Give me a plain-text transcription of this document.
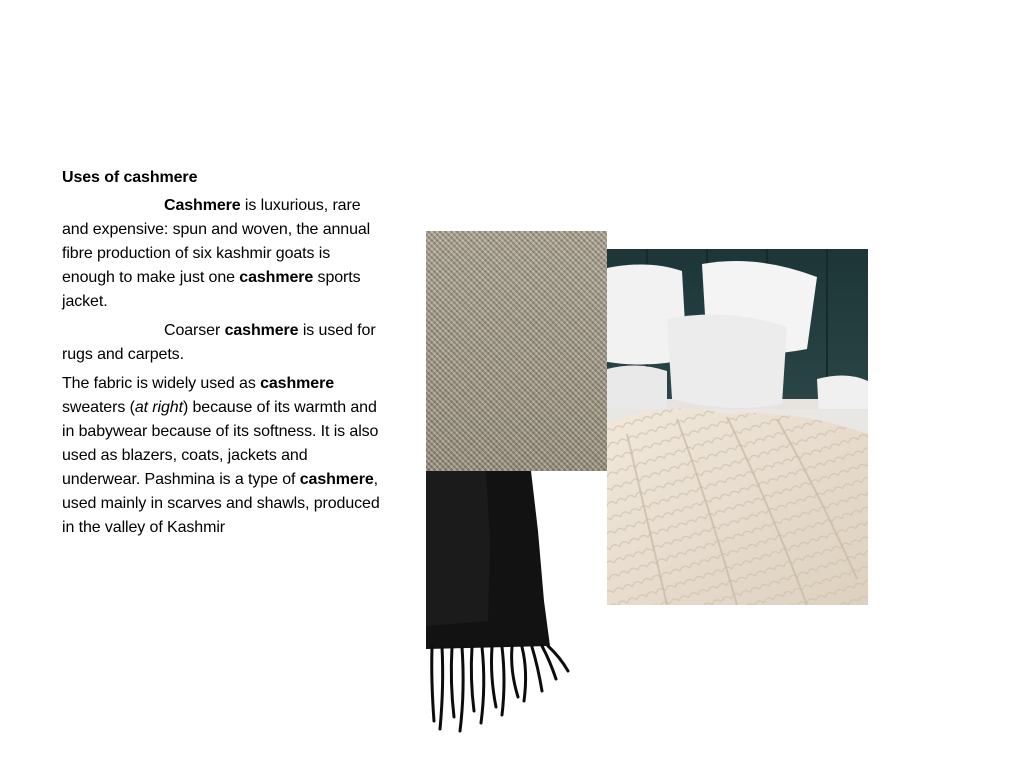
Uses of cashmere
Cashmere is luxurious, rare and expensive: spun and woven, the annual fibre production of six kashmir goats is enough to make just one cashmere sports jacket.
Coarser cashmere is used for rugs and carpets.
The fabric is widely used as cashmere sweaters (at right) because of its warmth and in babywear because of its softness. It is also used as blazers, coats, jackets and underwear. Pashmina is a type of cashmere, used mainly in scarves and shawls, produced in the valley of Kashmir
